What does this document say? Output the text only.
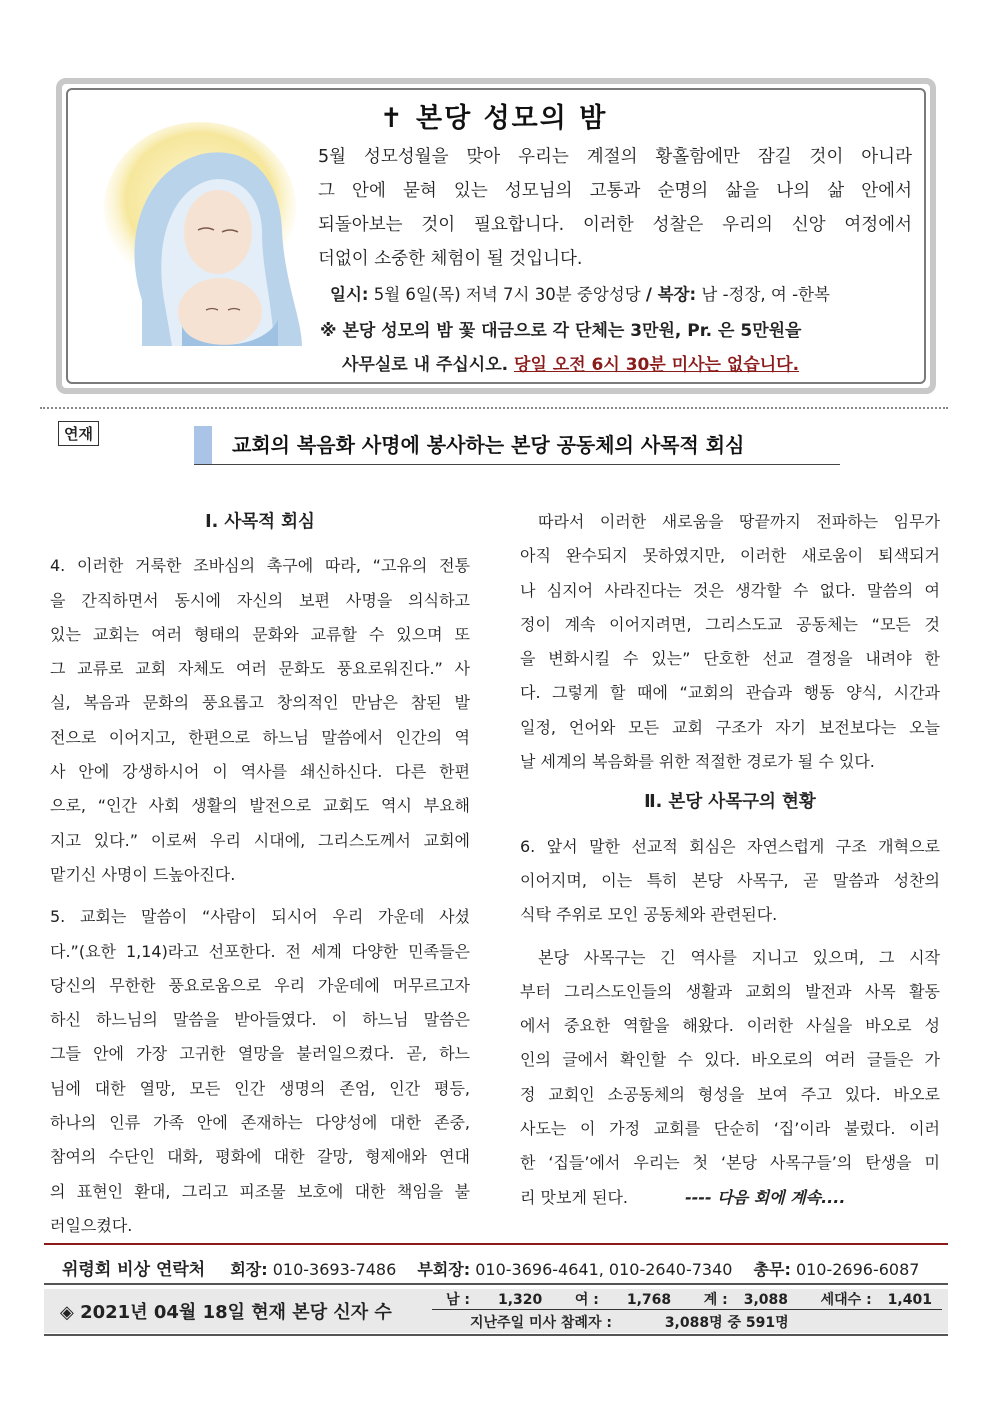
✝ 본당 성모의 밤
5월 성모성월을 맞아 우리는 계절의 황홀함에만 잠길 것이 아니라
그 안에 묻혀 있는 성모님의 고통과 순명의 삶을 나의 삶 안에서
되돌아보는 것이 필요합니다. 이러한 성찰은 우리의 신앙 여정에서
더없이 소중한 체험이 될 것입니다.
일시: 5월 6일(목) 저녁 7시 30분 중앙성당 / 복장: 남 -정장, 여 -한복
※ 본당 성모의 밤 꽃 대금으로 각 단체는 3만원, Pr. 은 5만원을
사무실로 내 주십시오. 당일 오전 6시 30분 미사는 없습니다.
연재	교회의 복음화 사명에 봉사하는 본당 공동체의 사목적 회심

Ⅰ. 사목적 회심

4. 이러한 거룩한 조바심의 촉구에 따라, “고유의 전통
을 간직하면서 동시에 자신의 보편 사명을 의식하고
있는 교회는 여러 형태의 문화와 교류할 수 있으며 또
그 교류로 교회 자체도 여러 문화도 풍요로워진다.” 사
실, 복음과 문화의 풍요롭고 창의적인 만남은 참된 발
전으로 이어지고, 한편으로 하느님 말씀에서 인간의 역
사 안에 강생하시어 이 역사를 쇄신하신다. 다른 한편
으로, “인간 사회 생활의 발전으로 교회도 역시 부요해
지고 있다.” 이로써 우리 시대에, 그리스도께서 교회에
맡기신 사명이 드높아진다.
5. 교회는 말씀이 “사람이 되시어 우리 가운데 사셨
다.”(요한 1,14)라고 선포한다. 전 세계 다양한 민족들은
당신의 무한한 풍요로움으로 우리 가운데에 머무르고자
하신 하느님의 말씀을 받아들였다. 이 하느님 말씀은
그들 안에 가장 고귀한 열망을 불러일으켰다. 곧, 하느
님에 대한 열망, 모든 인간 생명의 존엄, 인간 평등,
하나의 인류 가족 안에 존재하는 다양성에 대한 존중,
참여의 수단인 대화, 평화에 대한 갈망, 형제애와 연대
의 표현인 환대, 그리고 피조물 보호에 대한 책임을 불
러일으켰다.
따라서 이러한 새로움을 땅끝까지 전파하는 임무가
아직 완수되지 못하였지만, 이러한 새로움이 퇴색되거
나 심지어 사라진다는 것은 생각할 수 없다. 말씀의 여
정이 계속 이어지려면, 그리스도교 공동체는 “모든 것
을 변화시킬 수 있는” 단호한 선교 결정을 내려야 한
다. 그렇게 할 때에 “교회의 관습과 행동 양식, 시간과
일정, 언어와 모든 교회 구조가 자기 보전보다는 오늘
날 세계의 복음화를 위한 적절한 경로가 될 수 있다.

Ⅱ. 본당 사목구의 현황

6. 앞서 말한 선교적 회심은 자연스럽게 구조 개혁으로
이어지며, 이는 특히 본당 사목구, 곧 말씀과 성찬의
식탁 주위로 모인 공동체와 관련된다.
본당 사목구는 긴 역사를 지니고 있으며, 그 시작
부터 그리스도인들의 생활과 교회의 발전과 사목 활동
에서 중요한 역할을 해왔다. 이러한 사실을 바오로 성
인의 글에서 확인할 수 있다. 바오로의 여러 글들은 가
정 교회인 소공동체의 형성을 보여 주고 있다. 바오로
사도는 이 가정 교회를 단순히 ‘집’이라 불렀다. 이러
한 ‘집들’에서 우리는 첫 ‘본당 사목구들’의 탄생을 미
리 맛보게 된다.	---- 다음 회에 계속....
위령회 비상 연락처 회장: 010-3693-7486 부회장: 010-3696-4641, 010-2640-7340 총무: 010-2696-6087
◈ 2021년 04월 18일 현재 본당 신자 수
남 : 1,320 여 : 1,768 계 : 3,088 세대수 : 1,401
지난주일 미사 참례자 :	3,088명 중 591명
